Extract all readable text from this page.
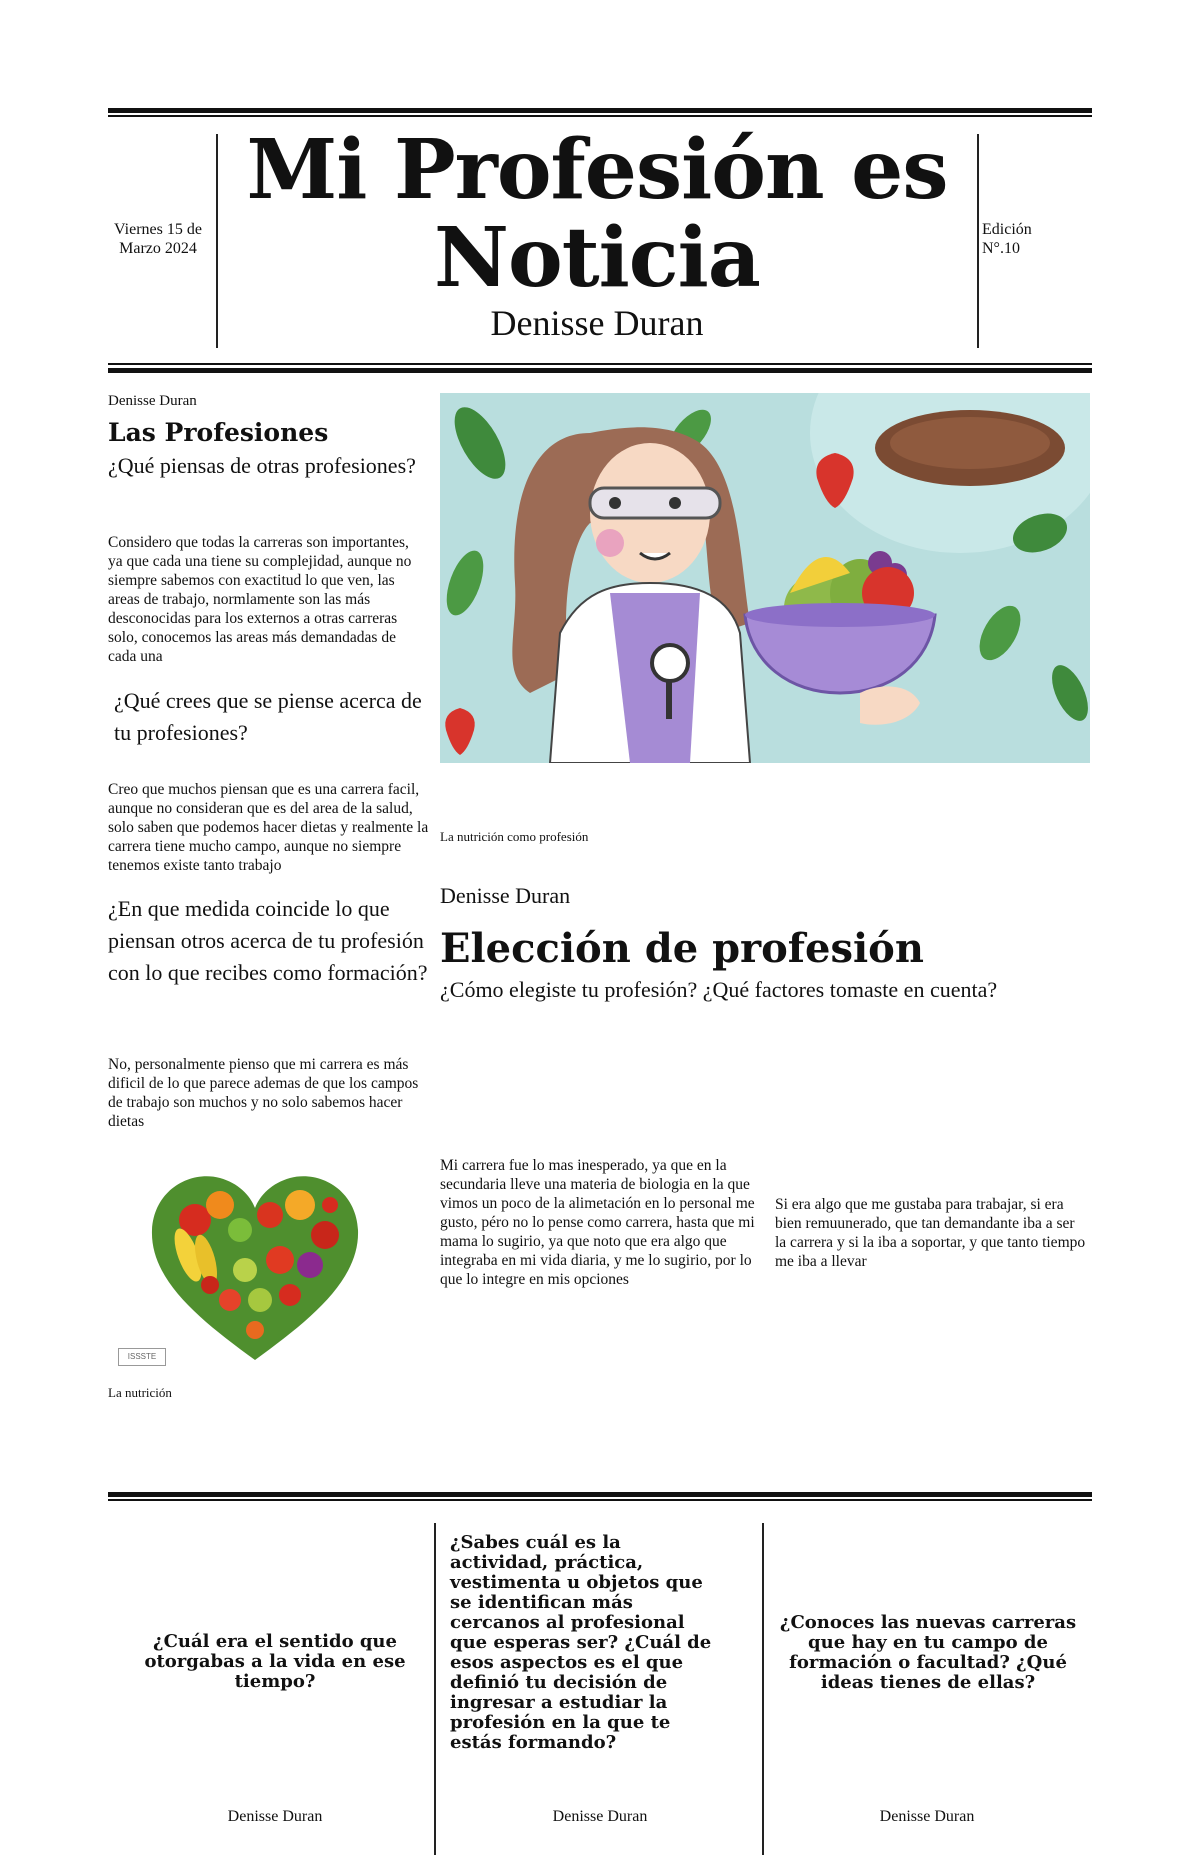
Viernes 15 de Marzo 2024
Mi Profesión es Noticia
Denisse Duran
Edición N°.10
Denisse Duran
Las Profesiones
¿Qué piensas de otras profesiones?
Considero que todas la carreras son importantes, ya que cada una tiene su complejidad, aunque no siempre sabemos con exactitud lo que ven, las areas de trabajo, normlamente son las más desconocidas para los externos a otras carreras solo, conocemos las areas más demandadas de cada una
¿Qué crees que se piense acerca de tu profesiones?
Creo que muchos piensan que es una carrera facil, aunque no consideran que es del area de la salud, solo saben que podemos hacer dietas y realmente la carrera tiene mucho campo, aunque no siempre tenemos existe tanto trabajo
¿En que medida coincide lo que piensan otros acerca de tu profesión con lo que recibes como formación?
No, personalmente pienso que mi carrera es más dificil de lo que parece ademas de que los campos de trabajo son muchos y no solo sabemos hacer dietas
ISSSTE
La nutrición
La nutrición como profesión
Denisse Duran
Elección de profesión
¿Cómo elegiste tu profesión? ¿Qué factores tomaste en cuenta?
Mi carrera fue lo mas inesperado, ya que en la secundaria lleve una materia de biologia en la que vimos un poco de la alimetación en lo personal me gusto, péro no lo pense como carrera, hasta que mi mama lo sugirio, ya que noto que era algo que integraba en mi vida diaria, y me lo sugirio, por lo que lo integre en mis opciones
Si era algo que me gustaba para trabajar, si era bien remuunerado, que tan demandante iba a ser la carrera y si la iba a soportar, y que tanto tiempo me iba a llevar
¿Cuál era el sentido que otorgabas a la vida en ese tiempo?
¿Sabes cuál es la actividad, práctica, vestimenta u objetos que se identifican más cercanos al profesional que esperas ser? ¿Cuál de esos aspectos es el que definió tu decisión de ingresar a estudiar la profesión en la que te estás formando?
¿Conoces las nuevas carreras que hay en tu campo de formación o facultad? ¿Qué ideas tienes de ellas?
Denisse Duran	Denisse Duran	Denisse Duran
